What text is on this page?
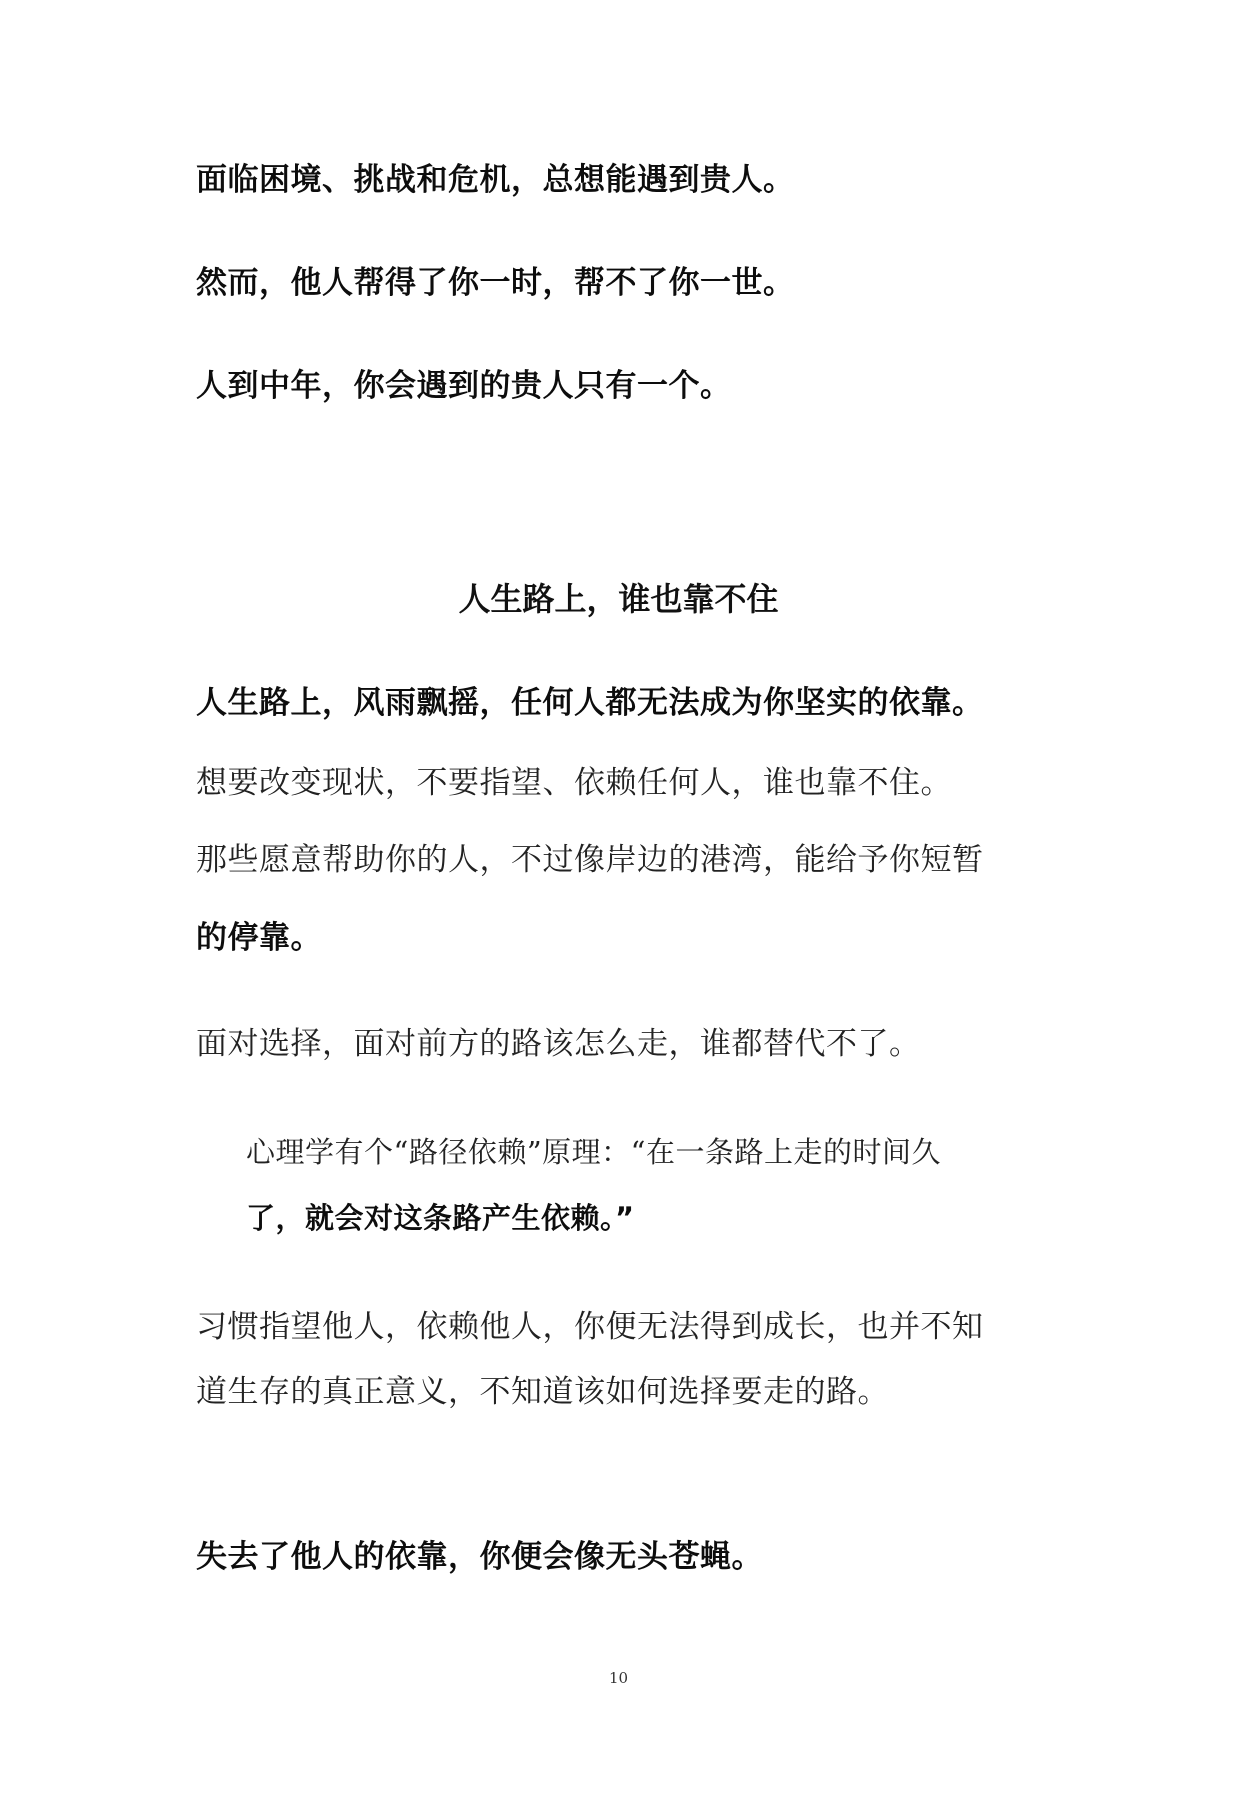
面临困境、挑战和危机，总想能遇到贵人。
然而，他人帮得了你一时，帮不了你一世。
人到中年，你会遇到的贵人只有一个。
人生路上，谁也靠不住
人生路上，风雨飘摇，任何人都无法成为你坚实的依靠。
想要改变现状，不要指望、依赖任何人，谁也靠不住。
那些愿意帮助你的人，不过像岸边的港湾，能给予你短暂
的停靠。
面对选择，面对前方的路该怎么走，谁都替代不了。
心理学有个“路径依赖”原理：“在一条路上走的时间久
了，就会对这条路产生依赖。”
习惯指望他人，依赖他人，你便无法得到成长，也并不知
道生存的真正意义，不知道该如何选择要走的路。
失去了他人的依靠，你便会像无头苍蝇。
10
